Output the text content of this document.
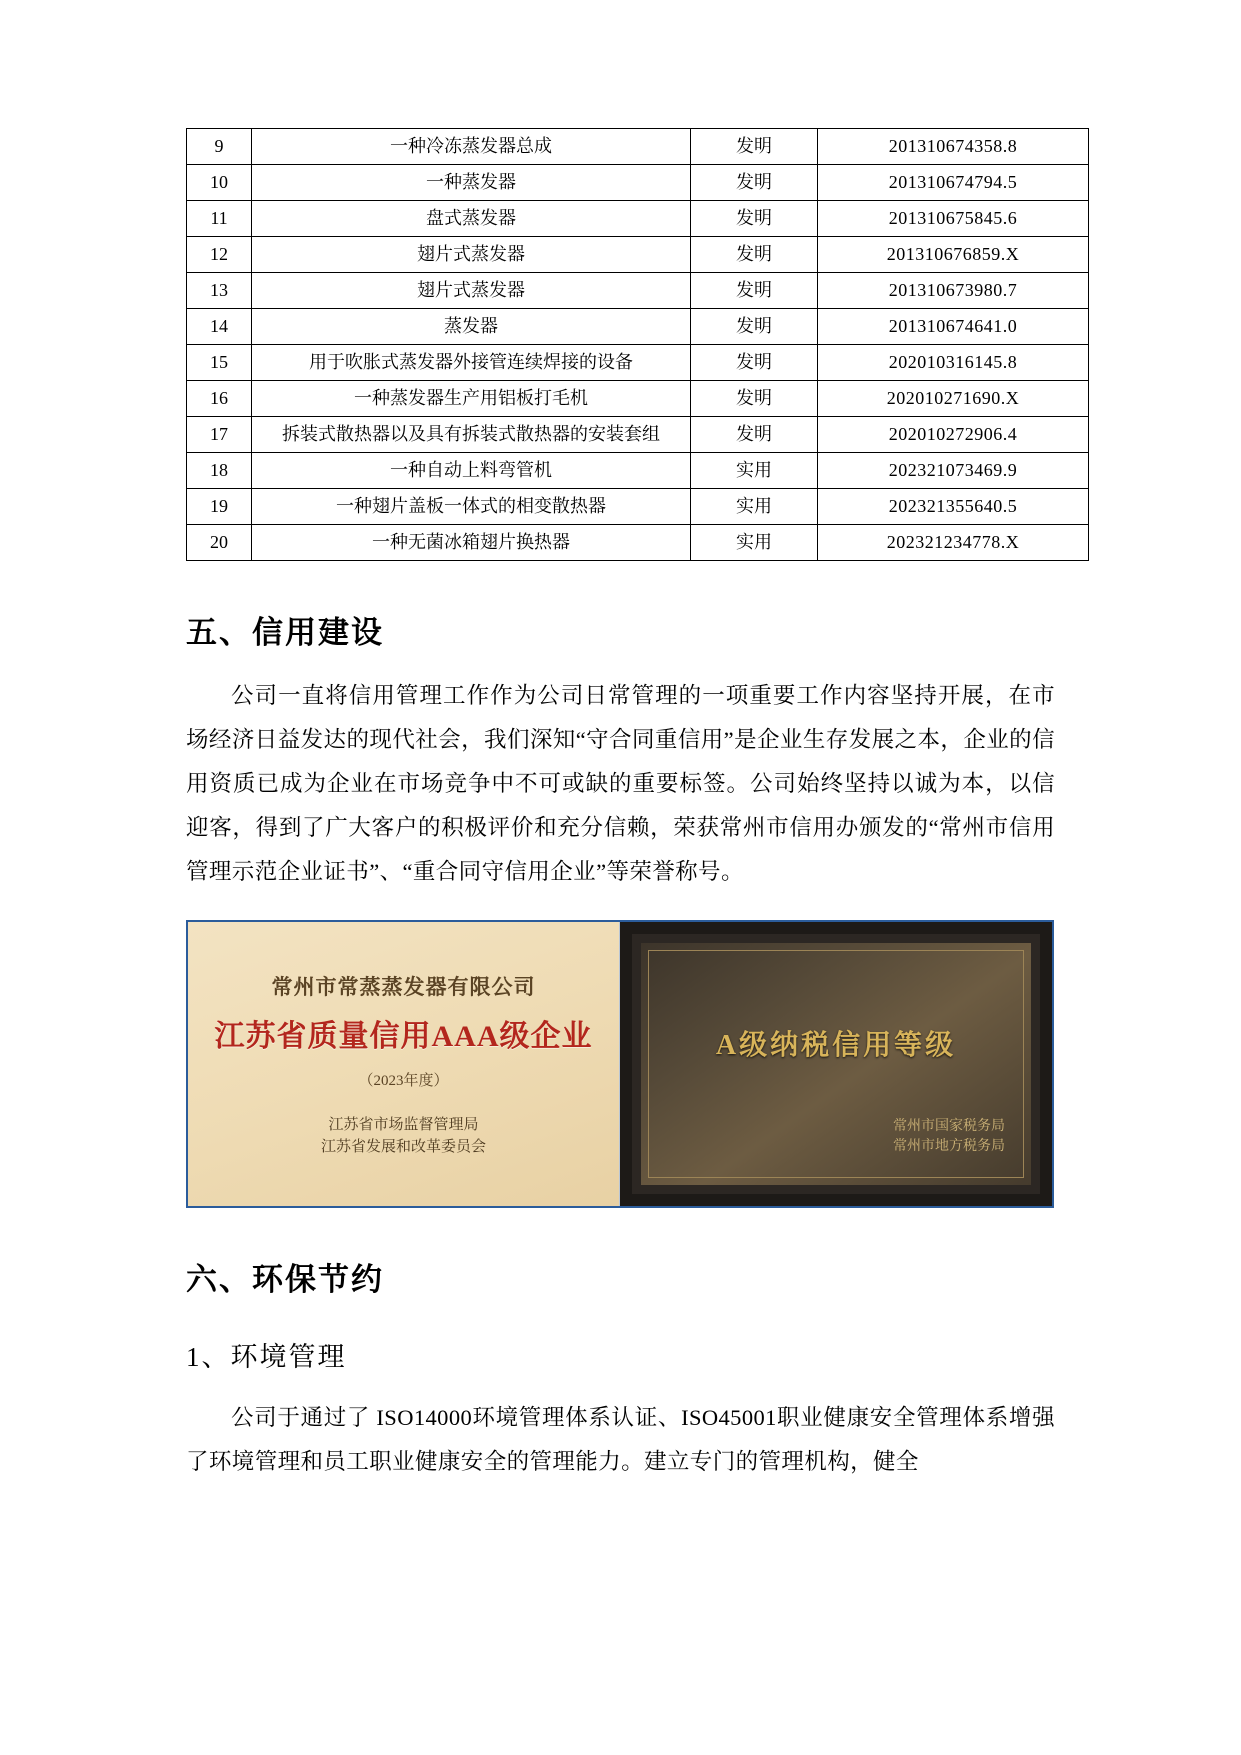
9	一种冷冻蒸发器总成	发明	201310674358.8
10	一种蒸发器	发明	201310674794.5
11	盘式蒸发器	发明	201310675845.6
12	翅片式蒸发器	发明	201310676859.X
13	翅片式蒸发器	发明	201310673980.7
14	蒸发器	发明	201310674641.0
15	用于吹胀式蒸发器外接管连续焊接的设备	发明	202010316145.8
16	一种蒸发器生产用铝板打毛机	发明	202010271690.X
17	拆装式散热器以及具有拆装式散热器的安装套组	发明	202010272906.4
18	一种自动上料弯管机	实用	202321073469.9
19	一种翅片盖板一体式的相变散热器	实用	202321355640.5
20	一种无菌冰箱翅片换热器	实用	202321234778.X
五、信用建设

公司一直将信用管理工作作为公司日常管理的一项重要工作内容坚持开展，在市场经济日益发达的现代社会，我们深知“守合同重信用”是企业生存发展之本，企业的信用资质已成为企业在市场竞争中不可或缺的重要标签。公司始终坚持以诚为本，以信迎客，得到了广大客户的积极评价和充分信赖，荣获常州市信用办颁发的“常州市信用管理示范企业证书”、“重合同守信用企业”等荣誉称号。

常州市常蒸蒸发器有限公司
江苏省质量信用AAA级企业
（2023年度）
江苏省市场监督管理局
江苏省发展和改革委员会
A级纳税信用等级
常州市国家税务局
常州市地方税务局
六、环保节约
1、环境管理

公司于通过了 ISO14000环境管理体系认证、ISO45001职业健康安全管理体系增强了环境管理和员工职业健康安全的管理能力。建立专门的管理机构，健全
